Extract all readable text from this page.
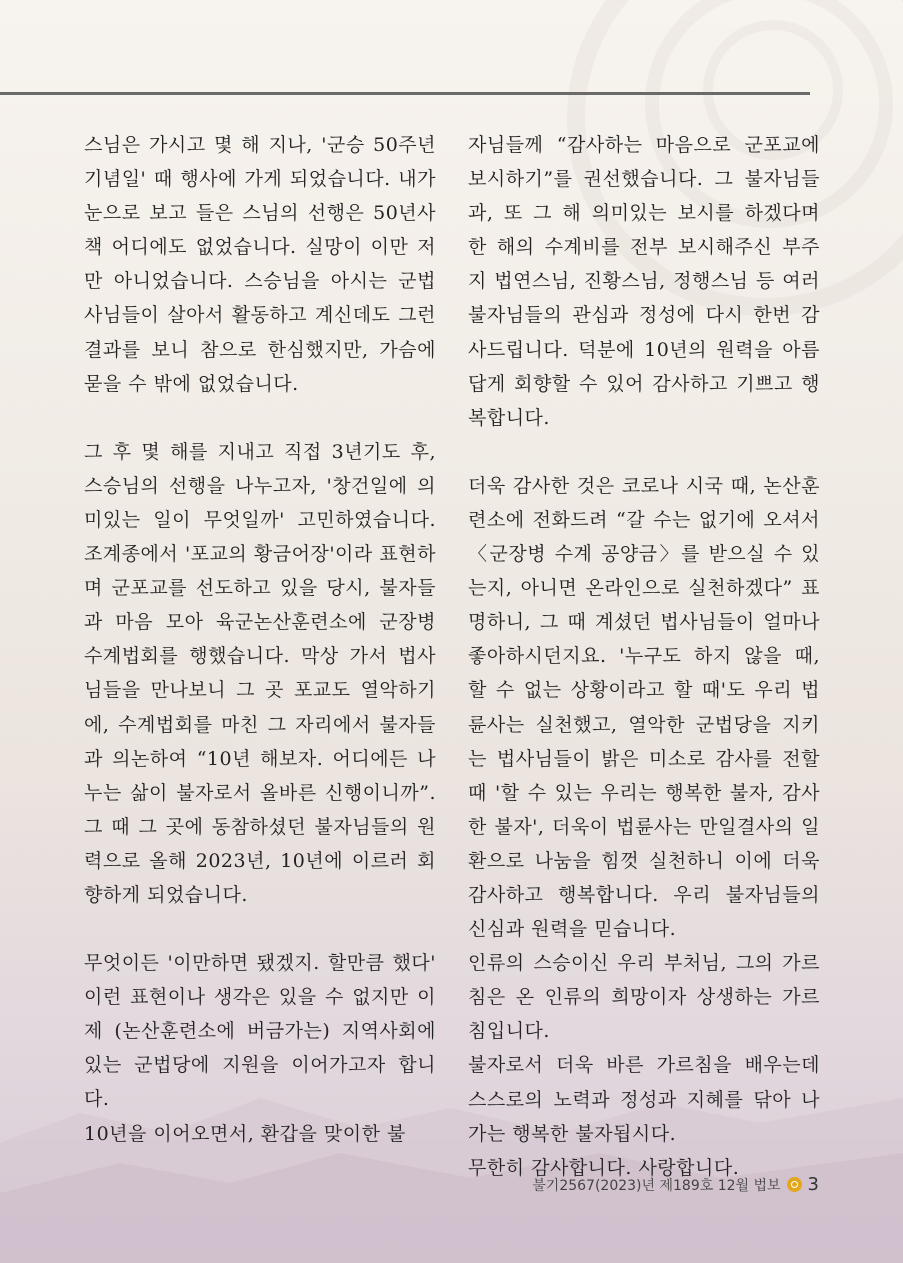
스님은 가시고 몇 해 지나, '군승 50주년 기념일' 때 행사에 가게 되었습니다. 내가 눈으로 보고 들은 스님의 선행은 50년사 책 어디에도 없었습니다. 실망이 이만 저만 아니었습니다. 스승님을 아시는 군법사님들이 살아서 활동하고 계신데도 그런 결과를 보니 참으로 한심했지만, 가슴에 묻을 수 밖에 없었습니다.

그 후 몇 해를 지내고 직접 3년기도 후, 스승님의 선행을 나누고자, '창건일에 의미있는 일이 무엇일까' 고민하였습니다. 조계종에서 '포교의 황금어장'이라 표현하며 군포교를 선도하고 있을 당시, 불자들과 마음 모아 육군논산훈련소에 군장병 수계법회를 행했습니다. 막상 가서 법사님들을 만나보니 그 곳 포교도 열악하기에, 수계법회를 마친 그 자리에서 불자들과 의논하여 “10년 해보자. 어디에든 나누는 삶이 불자로서 올바른 신행이니까”. 그 때 그 곳에 동참하셨던 불자님들의 원력으로 올해 2023년, 10년에 이르러 회향하게 되었습니다.

무엇이든 '이만하면 됐겠지. 할만큼 했다' 이런 표현이나 생각은 있을 수 없지만 이제 (논산훈련소에 버금가는) 지역사회에 있는 군법당에 지원을 이어가고자 합니다.

10년을 이어오면서, 환갑을 맞이한 불

자님들께 “감사하는 마음으로 군포교에 보시하기”를 권선했습니다. 그 불자님들과, 또 그 해 의미있는 보시를 하겠다며 한 해의 수계비를 전부 보시해주신 부주지 법연스님, 진황스님, 정행스님 등 여러 불자님들의 관심과 정성에 다시 한번 감사드립니다. 덕분에 10년의 원력을 아름답게 회향할 수 있어 감사하고 기쁘고 행복합니다.

더욱 감사한 것은 코로나 시국 때, 논산훈련소에 전화드려 “갈 수는 없기에 오셔서 〈군장병 수계 공양금〉를 받으실 수 있는지, 아니면 온라인으로 실천하겠다” 표명하니, 그 때 계셨던 법사님들이 얼마나 좋아하시던지요. '누구도 하지 않을 때, 할 수 없는 상황이라고 할 때'도 우리 법륜사는 실천했고, 열악한 군법당을 지키는 법사님들이 밝은 미소로 감사를 전할 때 '할 수 있는 우리는 행복한 불자, 감사한 불자', 더욱이 법륜사는 만일결사의 일환으로 나눔을 힘껏 실천하니 이에 더욱 감사하고 행복합니다. 우리 불자님들의 신심과 원력을 믿습니다.

인류의 스승이신 우리 부처님, 그의 가르침은 온 인류의 희망이자 상생하는 가르침입니다.

불자로서 더욱 바른 가르침을 배우는데 스스로의 노력과 정성과 지혜를 닦아 나가는 행복한 불자됩시다.

무한히 감사합니다. 사랑합니다.

불기2567(2023)년 제189호 12월 법보 3
